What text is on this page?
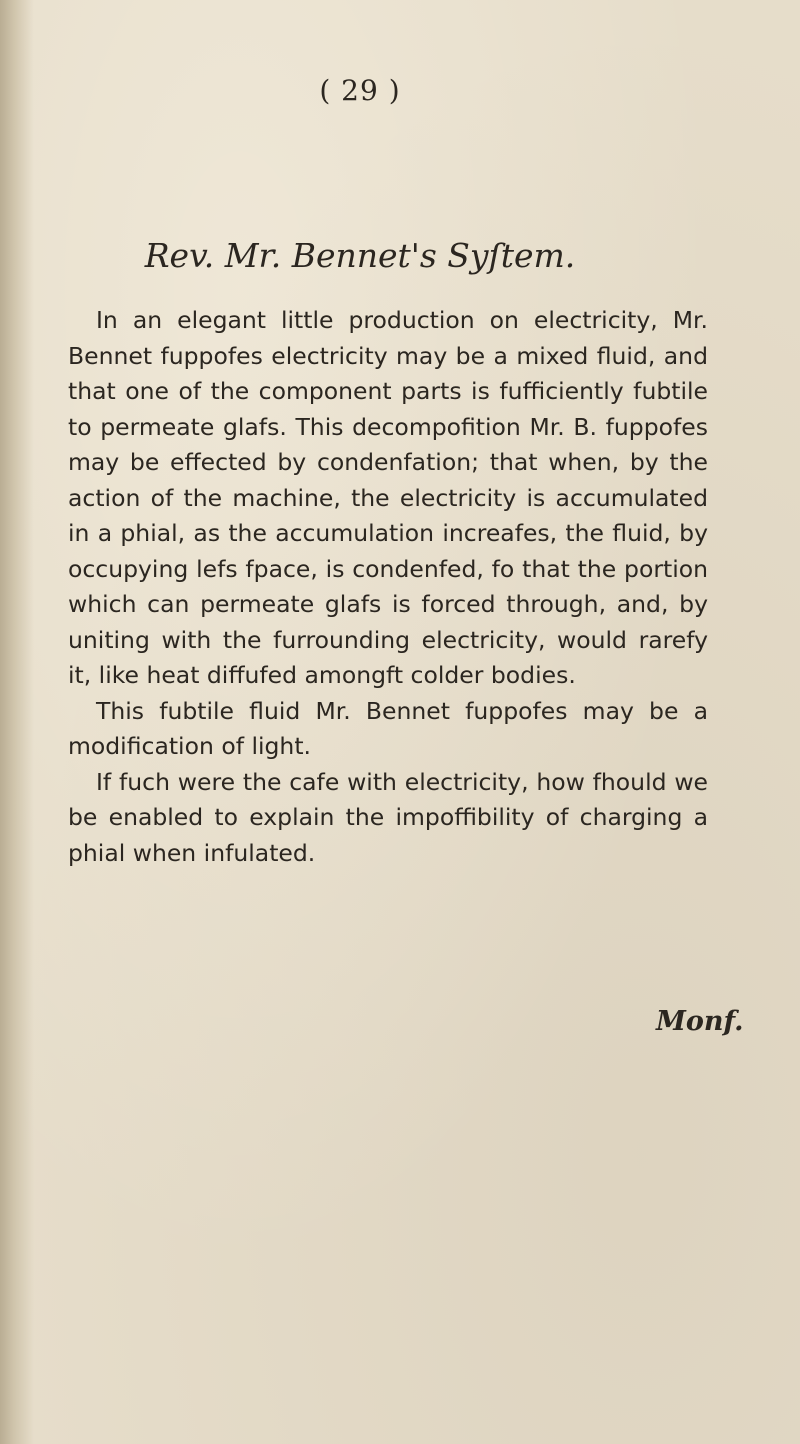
( 29 )
Rev. Mr. Bennet's Syſtem.

In an elegant little production on electricity, Mr. Bennet fuppofes electricity may be a mixed fluid, and that one of the component parts is fufficiently fubtile to permeate glafs. This decompofition Mr. B. fuppofes may be effected by condenfation; that when, by the action of the machine, the electricity is accumulated in a phial, as the accumulation increafes, the fluid, by occupying lefs fpace, is condenfed, fo that the portion which can permeate glafs is forced through, and, by uniting with the furrounding electricity, would rarefy it, like heat diffufed amongft colder bodies.

This fubtile fluid Mr. Bennet fuppofes may be a modification of light.

If fuch were the cafe with electricity, how fhould we be enabled to explain the impoffibility of charging a phial when infulated.

Monf.
